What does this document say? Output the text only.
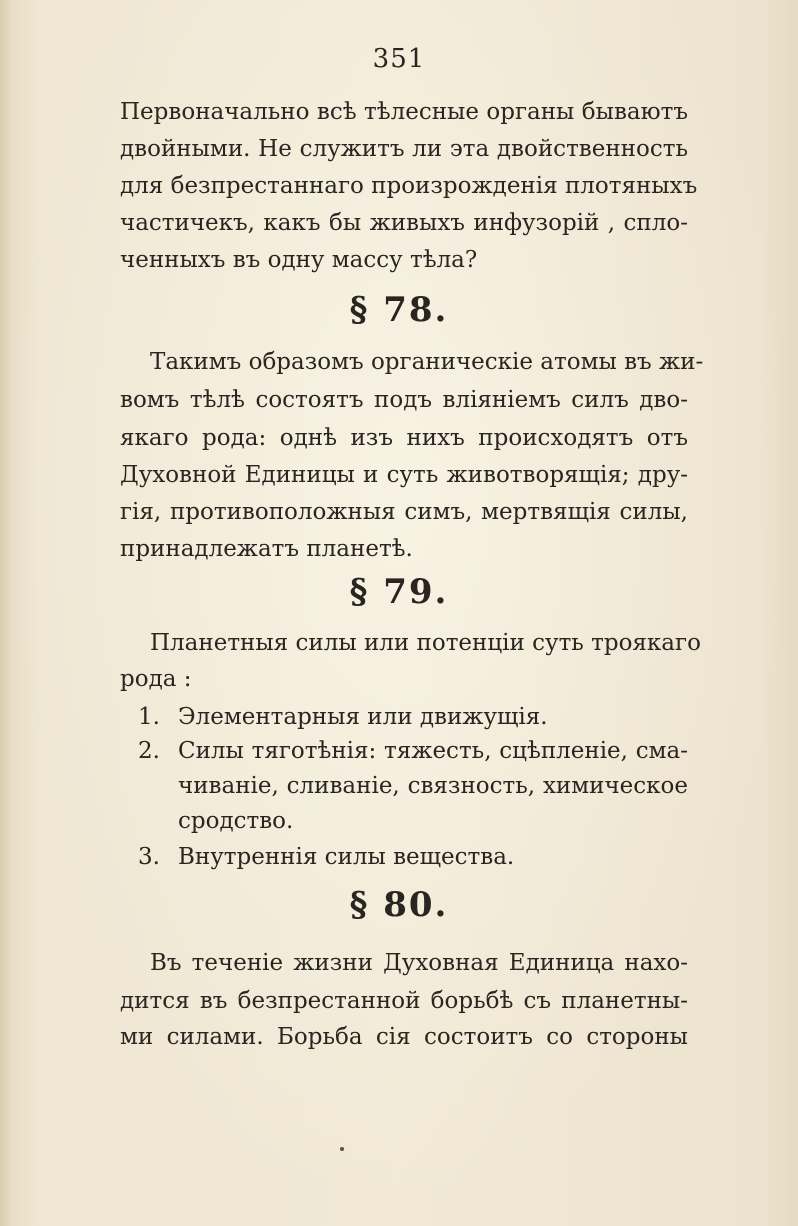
351
Первоначально всѣ тѣлесные органы бываютъ
двойными. Не служитъ ли эта двойственность
для безпрестаннаго произрожденія плотяныхъ
частичекъ, какъ бы живыхъ инфузорій , спло-
ченныхъ въ одну массу тѣла?
§ 78.
Такимъ образомъ органическіе атомы въ жи-
вомъ тѣлѣ состоятъ подъ вліяніемъ силъ дво-
якаго рода: однѣ изъ нихъ происходятъ отъ
Духовной Единицы и суть животворящія; дру-
гія, противоположныя симъ, мертвящія силы,
принадлежатъ планетѣ.
§ 79.
Планетныя силы или потенціи суть троякаго
рода :
1. Элементарныя или движущія.
2. Силы тяготѣнія: тяжесть, сцѣпленіе, сма-
чиваніе, сливаніе, связность, химическое
сродство.
3. Внутреннія силы вещества.
§ 80.
Въ теченіе жизни Духовная Единица нахо-
дится въ безпрестанной борьбѣ съ планетны-
ми силами. Борьба сія состоитъ со стороны
